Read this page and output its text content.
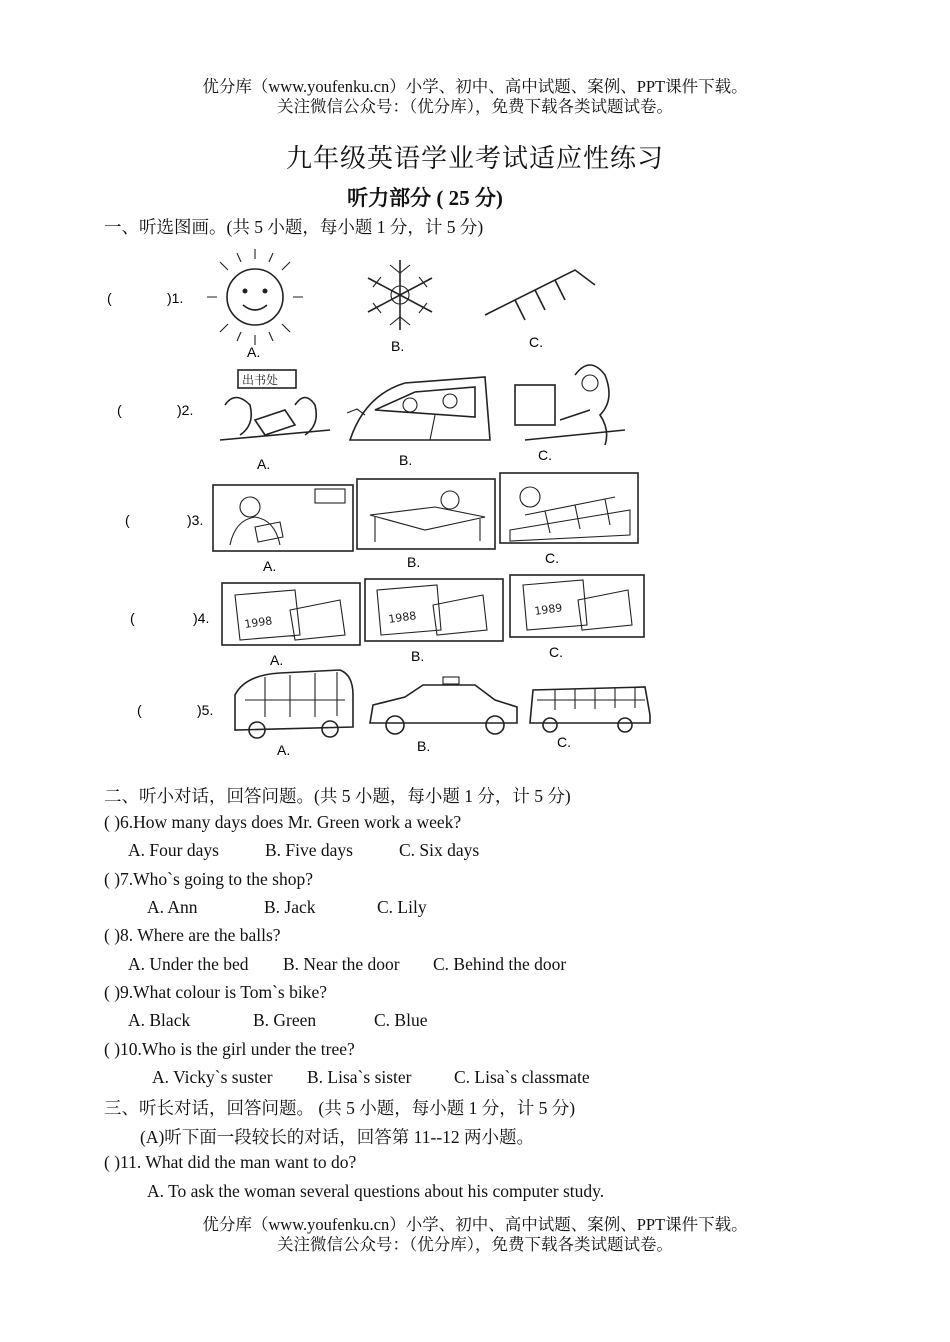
优分库（www.youfenku.cn）小学、初中、高中试题、案例、PPT课件下载。
关注微信公众号：（优分库），免费下载各类试题试卷。
九年级英语学业考试适应性练习
听力部分 ( 25 分)
一、听选图画。(共 5 小题，每小题 1 分，计 5 分)
(	)1.
A.	B.	C.
(	)2.
出书处
A.	B.	C.
(	)3.
A.	B.	C.
(	)4.	1998	1988	1989
A.	B.	C.
(	)5.
A.	B.	C.
二、听小对话，回答问题。(共 5 小题，每小题 1 分，计 5 分)
( )6.How many days does Mr. Green work a week?
A. Four days	B. Five days	C. Six days
( )7.Who`s going to the shop?
A. Ann	B. Jack	C. Lily
( )8. Where are the balls?
A. Under the bed B. Near the door C. Behind the door
( )9.What colour is Tom`s bike?
A. Black	B. Green	C. Blue
( )10.Who is the girl under the tree?
A. Vicky`s suster B. Lisa`s sister C. Lisa`s classmate
三、听长对话，回答问题。 (共 5 小题，每小题 1 分，计 5 分)
(A)听下面一段较长的对话，回答第 11--12 两小题。
( )11. What did the man want to do?
A. To ask the woman several questions about his computer study.
优分库（www.youfenku.cn）小学、初中、高中试题、案例、PPT课件下载。
关注微信公众号：（优分库），免费下载各类试题试卷。
